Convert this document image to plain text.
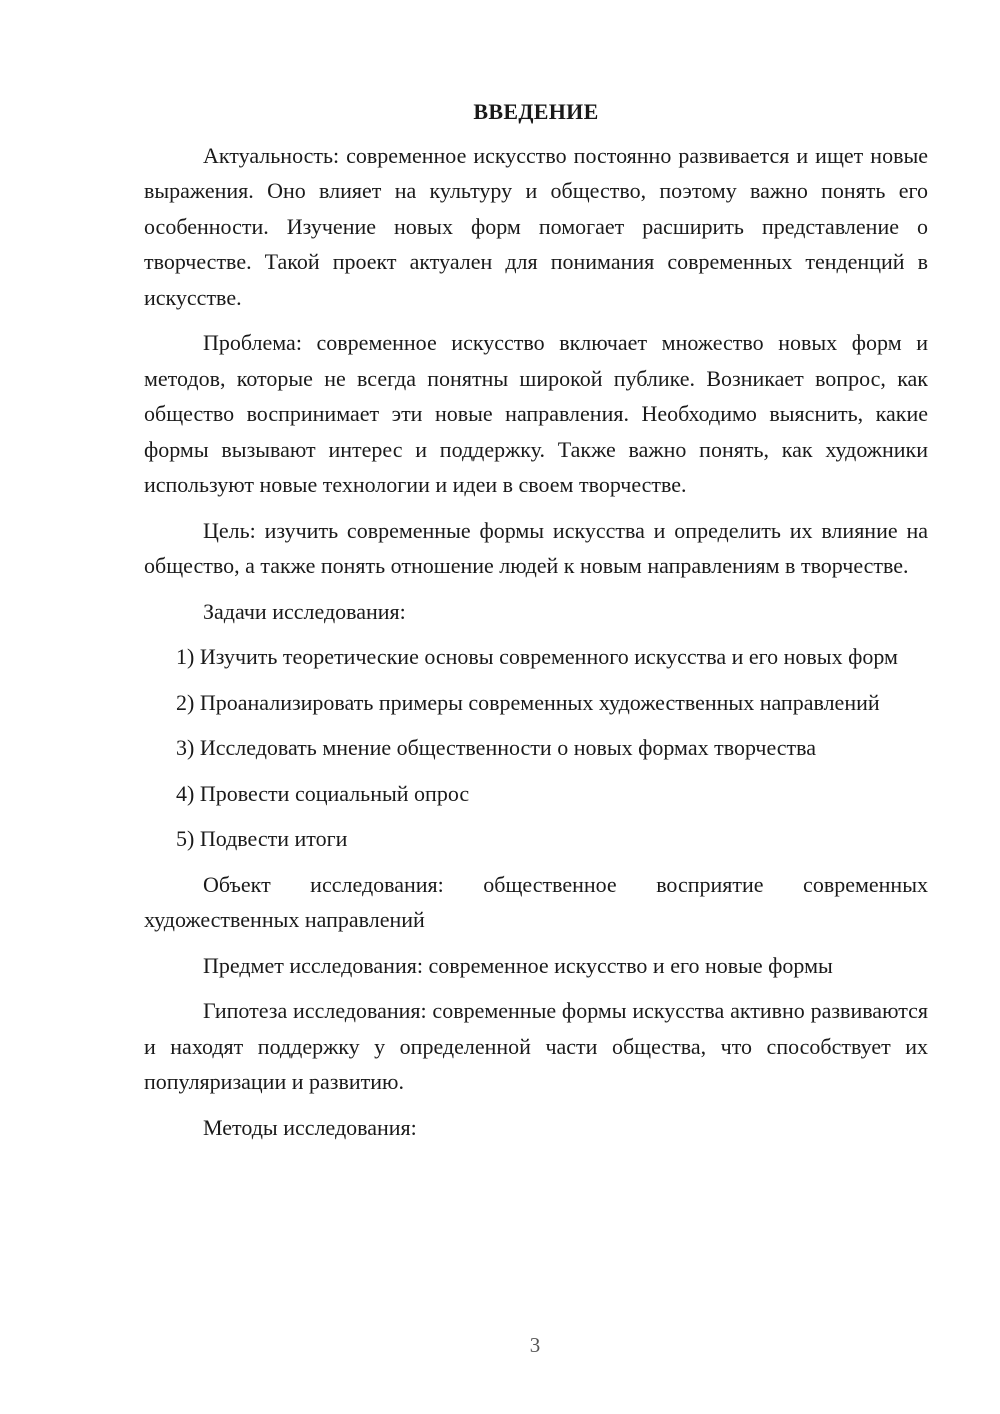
ВВЕДЕНИЕ

Актуальность: современное искусство постоянно развивается и ищет новые выражения. Оно влияет на культуру и общество, поэтому важно понять его особенности. Изучение новых форм помогает расширить представление о творчестве. Такой проект актуален для понимания современных тенденций в искусстве.

Проблема: современное искусство включает множество новых форм и методов, которые не всегда понятны широкой публике. Возникает вопрос, как общество воспринимает эти новые направления. Необходимо выяснить, какие формы вызывают интерес и поддержку. Также важно понять, как художники используют новые технологии и идеи в своем творчестве.

Цель: изучить современные формы искусства и определить их влияние на общество, а также понять отношение людей к новым направлениям в творчестве.

Задачи исследования:

1) Изучить теоретические основы современного искусства и его новых форм

2) Проанализировать примеры современных художественных направлений

3) Исследовать мнение общественности о новых формах творчества

4) Провести социальный опрос

5) Подвести итоги

Объект исследования: общественное восприятие современных художественных направлений

Предмет исследования: современное искусство и его новые формы

Гипотеза исследования: современные формы искусства активно развиваются и находят поддержку у определенной части общества, что способствует их популяризации и развитию.

Методы исследования:

3
